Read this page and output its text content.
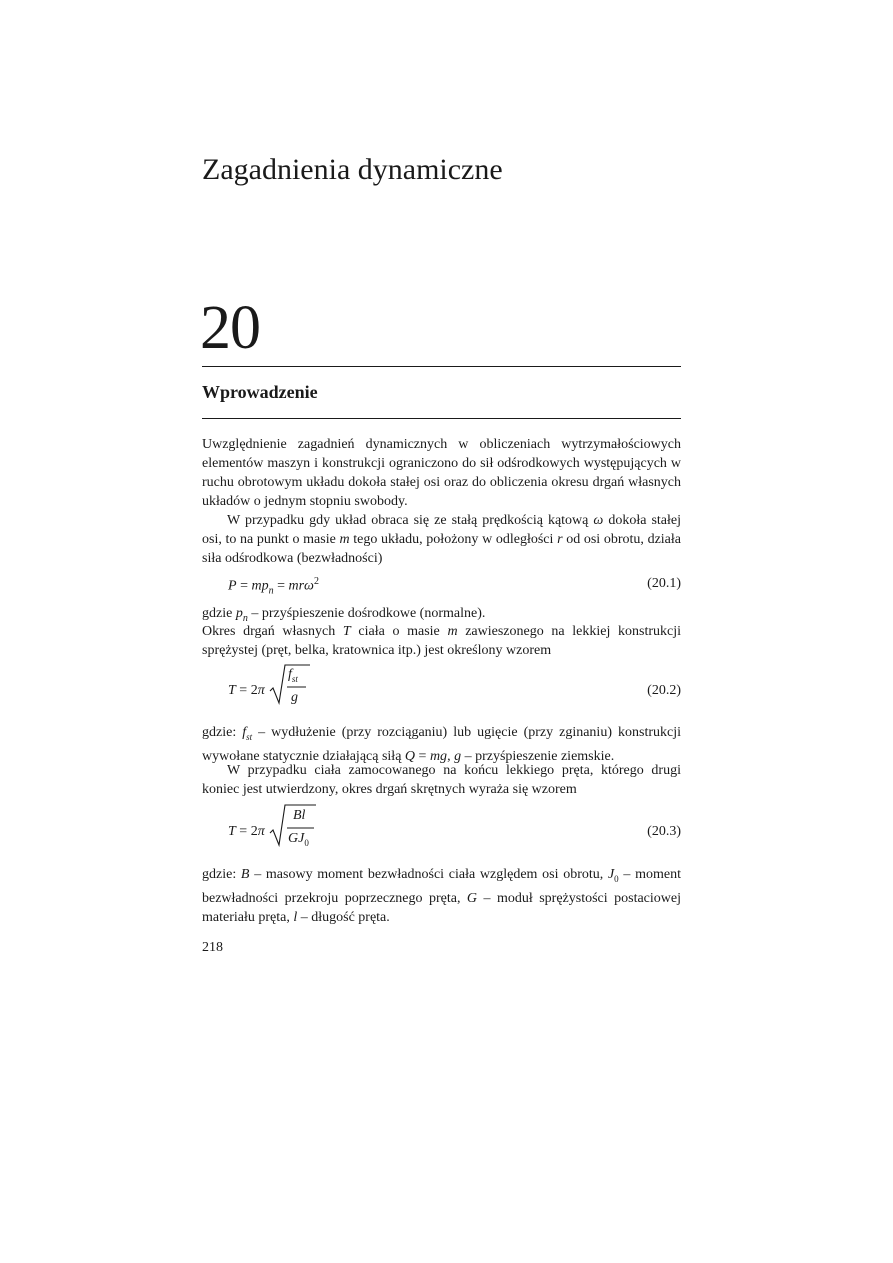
Zagadnienia dynamiczne
20
Wprowadzenie

Uwzględnienie zagadnień dynamicznych w obliczeniach wytrzymałościowych elementów maszyn i konstrukcji ograniczono do sił odśrodkowych występujących w ruchu obrotowym układu dokoła stałej osi oraz do obliczenia okresu drgań własnych układów o jednym stopniu swobody.

W przypadku gdy układ obraca się ze stałą prędkością kątową ω dokoła stałej osi, to na punkt o masie m tego układu, położony w odległości r od osi obrotu, działa siła odśrodkowa (bezwładności)

$P = mp_n = mr\omega^2$	(20.1)
gdzie $p_n$ – przyśpieszenie dośrodkowe (normalne).

Okres drgań własnych T ciała o masie m zawieszonego na lekkiej konstrukcji sprężystej (pręt, belka, kratownica itp.) jest określony wzorem

T = 2π
$f_{st}$
g	(20.2)

gdzie: $f_{st}$ – wydłużenie (przy rozciąganiu) lub ugięcie (przy zginaniu) konstrukcji wywołane statycznie działającą siłą Q = mg, g – przyśpieszenie ziemskie.

W przypadku ciała zamocowanego na końcu lekkiego pręta, którego drugi koniec jest utwierdzony, okres drgań skrętnych wyraża się wzorem

T = 2π
Bl
$GJ_0$
(20.3)

gdzie: B – masowy moment bezwładności ciała względem osi obrotu, $J_0$ – moment bezwładności przekroju poprzecznego pręta, G – moduł sprężystości postaciowej materiału pręta, l – długość pręta.

218
